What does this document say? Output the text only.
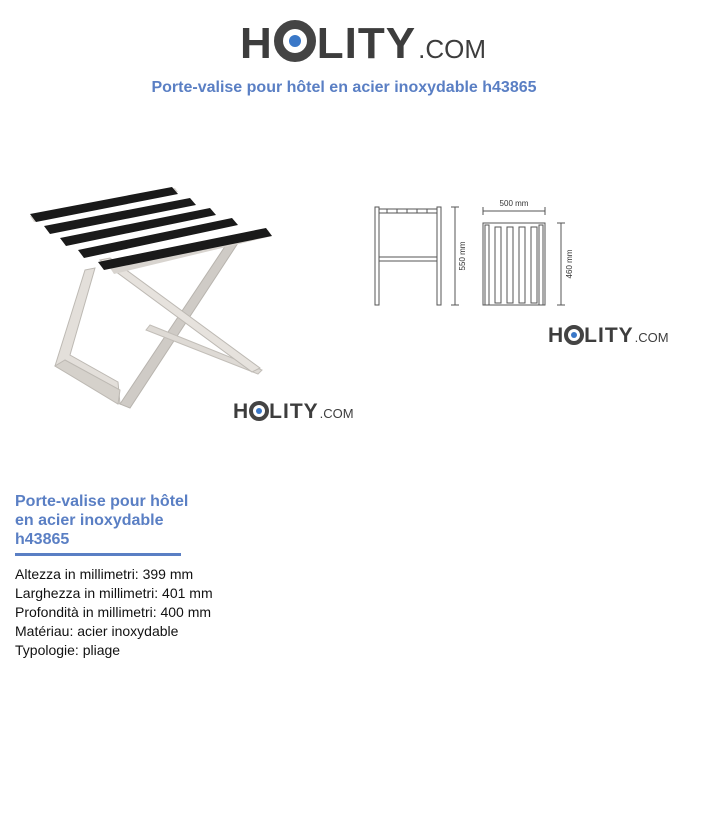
H LITY .COM
Porte-valise pour hôtel en acier inoxydable h43865
H LITY .COM
500 mm
550 mm	460 mm
H LITY .COM
Porte-valise pour hôtel en acier inoxydable h43865
Altezza in millimetri: 399 mm
Larghezza in millimetri: 401 mm
Profondità in millimetri: 400 mm
Matériau: acier inoxydable
Typologie: pliage
